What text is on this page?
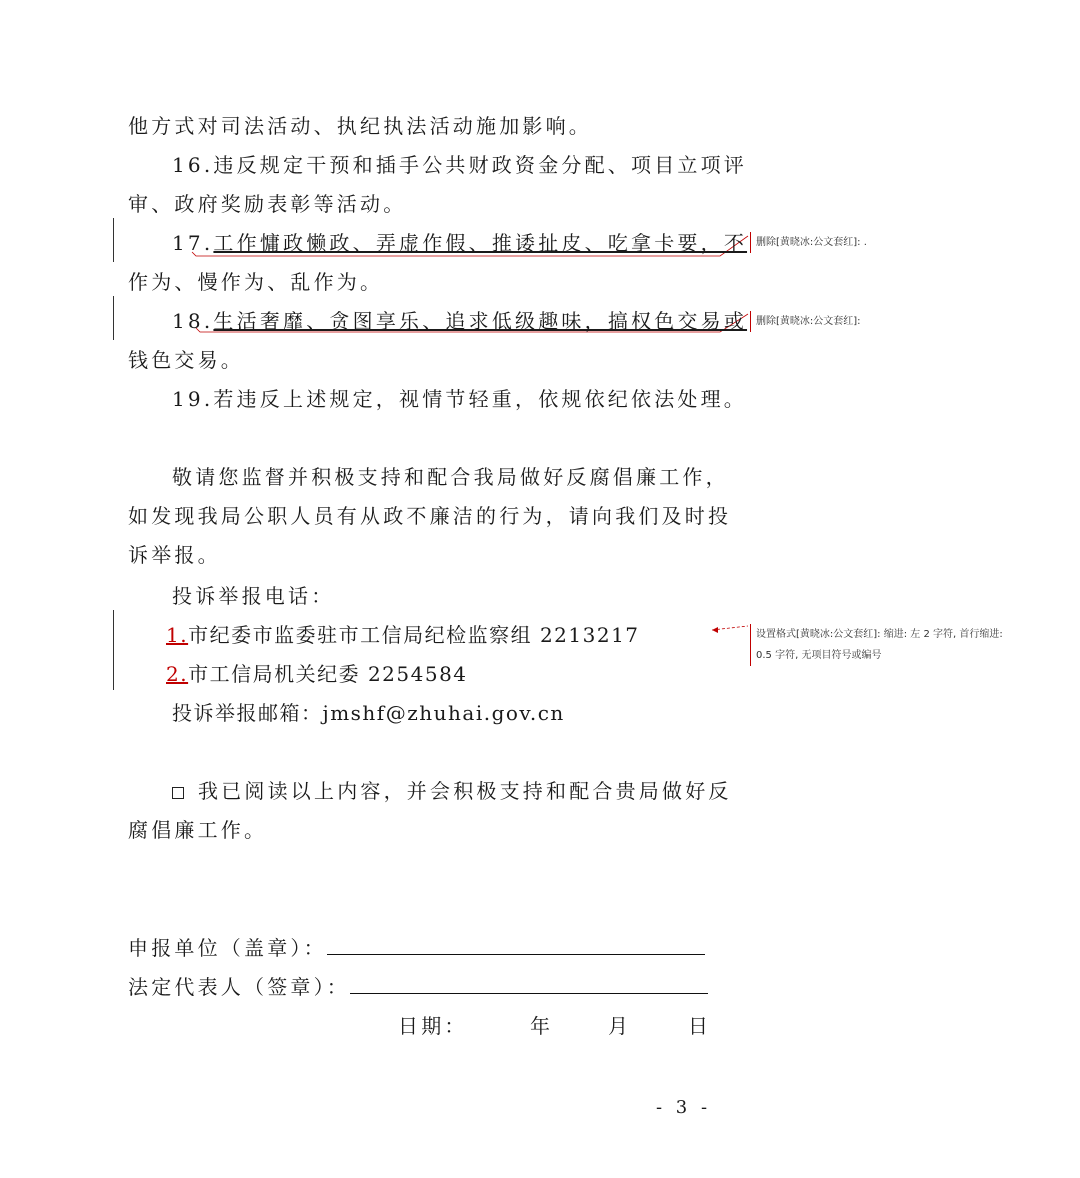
他方式对司法活动、执纪执法活动施加影响。
16.违反规定干预和插手公共财政资金分配、项目立项评
审、政府奖励表彰等活动。
17.工作慵政懒政、弄虚作假、推诿扯皮、吃拿卡要，不
作为、慢作为、乱作为。
18.生活奢靡、贪图享乐、追求低级趣味，搞权色交易或
钱色交易。
19.若违反上述规定，视情节轻重，依规依纪依法处理。
敬请您监督并积极支持和配合我局做好反腐倡廉工作，
如发现我局公职人员有从政不廉洁的行为，请向我们及时投
诉举报。
投诉举报电话：
1.市纪委市监委驻市工信局纪检监察组 2213217
2.市工信局机关纪委 2254584
投诉举报邮箱：jmshf@zhuhai.gov.cn
我已阅读以上内容，并会积极支持和配合贵局做好反
腐倡廉工作。
申报单位（盖章）：
法定代表人（签章）：
日期：	年	月	日
- 3 -
删除[黄晓冰:公文套红]: .
删除[黄晓冰:公文套红]:
设置格式[黄晓冰:公文套红]: 缩进: 左 2 字符, 首行缩进:
0.5 字符, 无项目符号或编号
